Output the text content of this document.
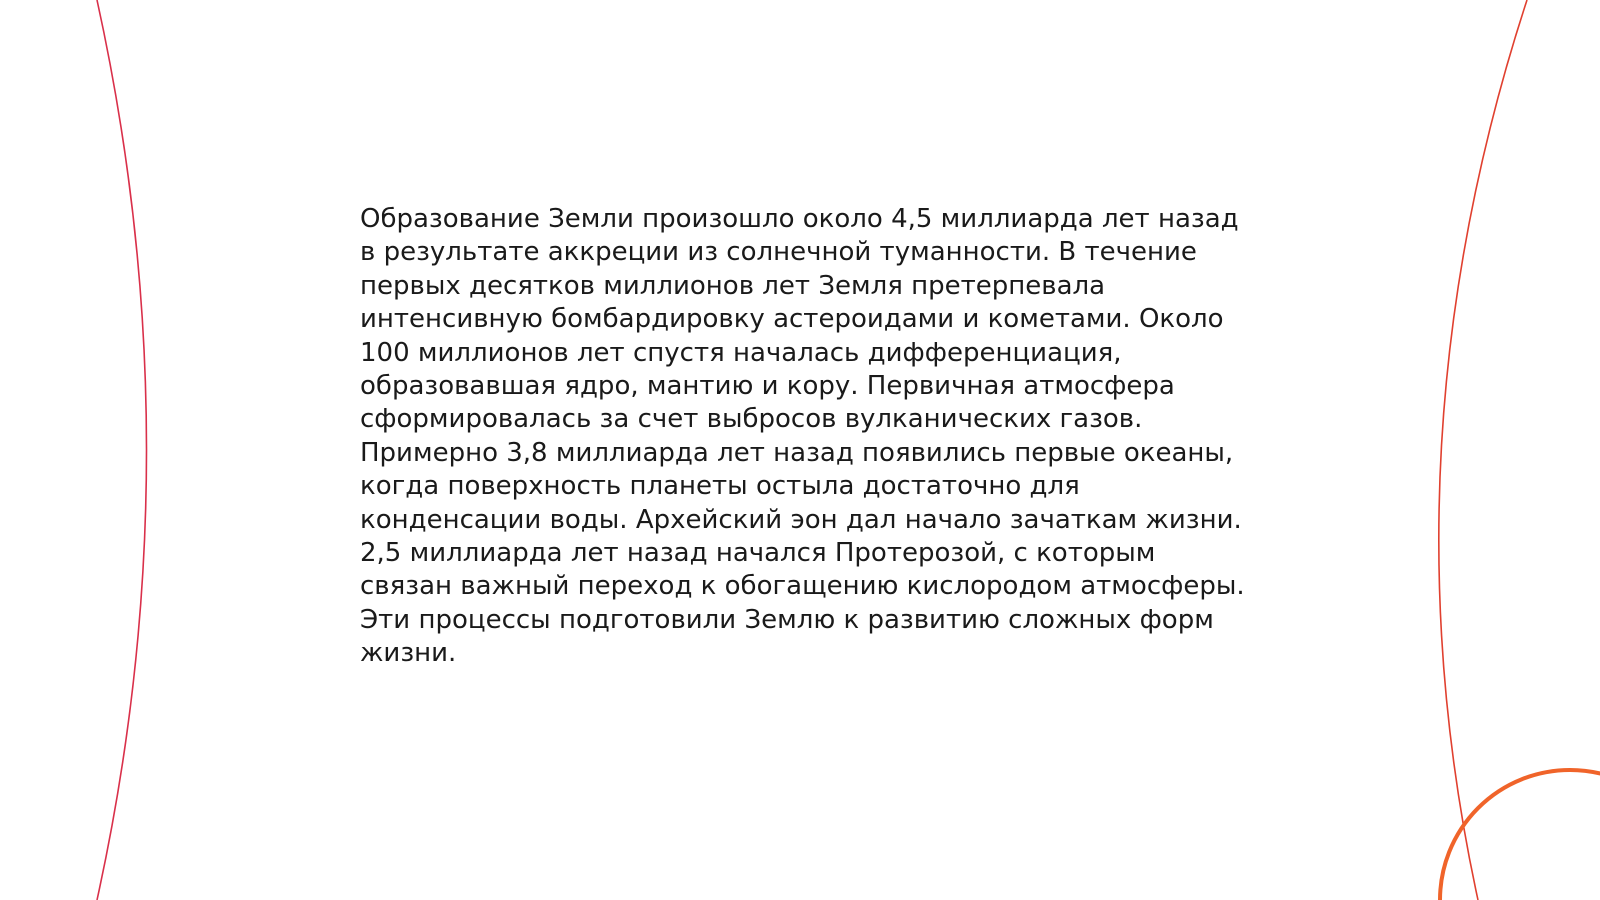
Образование Земли произошло около 4,5 миллиарда лет назад
в результате аккреции из солнечной туманности. В течение
первых десятков миллионов лет Земля претерпевала
интенсивную бомбардировку астероидами и кометами. Около
100 миллионов лет спустя началась дифференциация,
образовавшая ядро, мантию и кору. Первичная атмосфера
сформировалась за счет выбросов вулканических газов.
Примерно 3,8 миллиарда лет назад появились первые океаны,
когда поверхность планеты остыла достаточно для
конденсации воды. Архейский эон дал начало зачаткам жизни.
2,5 миллиарда лет назад начался Протерозой, с которым
связан важный переход к обогащению кислородом атмосферы.
Эти процессы подготовили Землю к развитию сложных форм
жизни.
